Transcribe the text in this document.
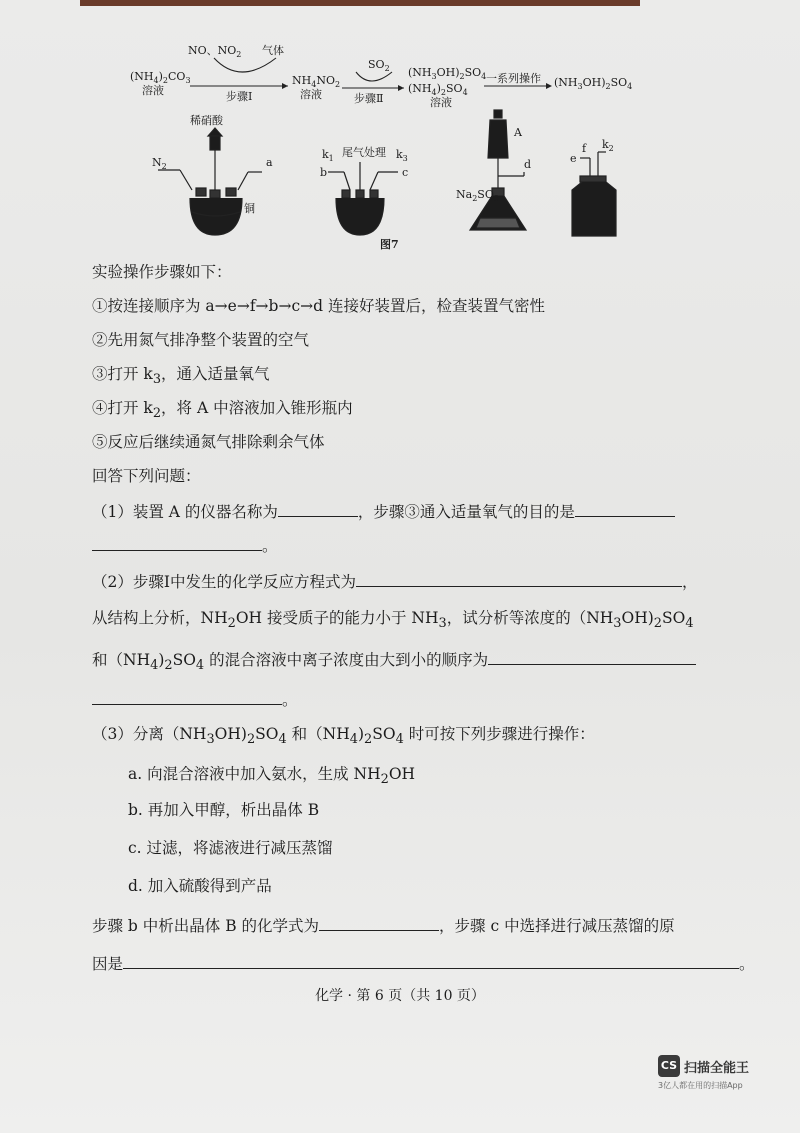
$(NH_4)_2CO_3$
溶液
NO、$NO_2$ 气体
步骤Ⅰ
$NH_4NO_2$
溶液
$SO_2$
步骤Ⅱ
$(NH_3OH)_2SO_4$
$(NH_4)_2SO_4$
溶液
一系列操作 $(NH_3OH)_2SO_4$
稀硝酸
$N_2$	a
铜
b
$k_1$ 尾气处理 $k_3$
c
A
d
$Na_2SO_3$
e
f $k_2$
图7
实验操作步骤如下：
①按连接顺序为 a→e→f→b→c→d 连接好装置后，检查装置气密性
②先用氮气排净整个装置的空气
③打开 $k_3$，通入适量氧气
④打开 $k_2$，将 A 中溶液加入锥形瓶内
⑤反应后继续通氮气排除剩余气体
回答下列问题：
（1）装置 A 的仪器名称为	，步骤③通入适量氧气的目的是
。
（2）步骤Ⅰ中发生的化学反应方程式为	，
从结构上分析，$NH_2OH$ 接受质子的能力小于 $NH_3$，试分析等浓度的$(NH_3OH)_2SO_4$
和$(NH_4)_2SO_4$ 的混合溶液中离子浓度由大到小的顺序为
。
（3）分离$(NH_3OH)_2SO_4$ 和$(NH_4)_2SO_4$ 时可按下列步骤进行操作：
a. 向混合溶液中加入氨水，生成 $NH_2OH$
b. 再加入甲醇，析出晶体 B
c. 过滤，将滤液进行减压蒸馏
d. 加入硫酸得到产品
步骤 b 中析出晶体 B 的化学式为	，步骤 c 中选择进行减压蒸馏的原
因是	。
化学 · 第 6 页（共 10 页）
CS 扫描全能王
3亿人都在用的扫描App
